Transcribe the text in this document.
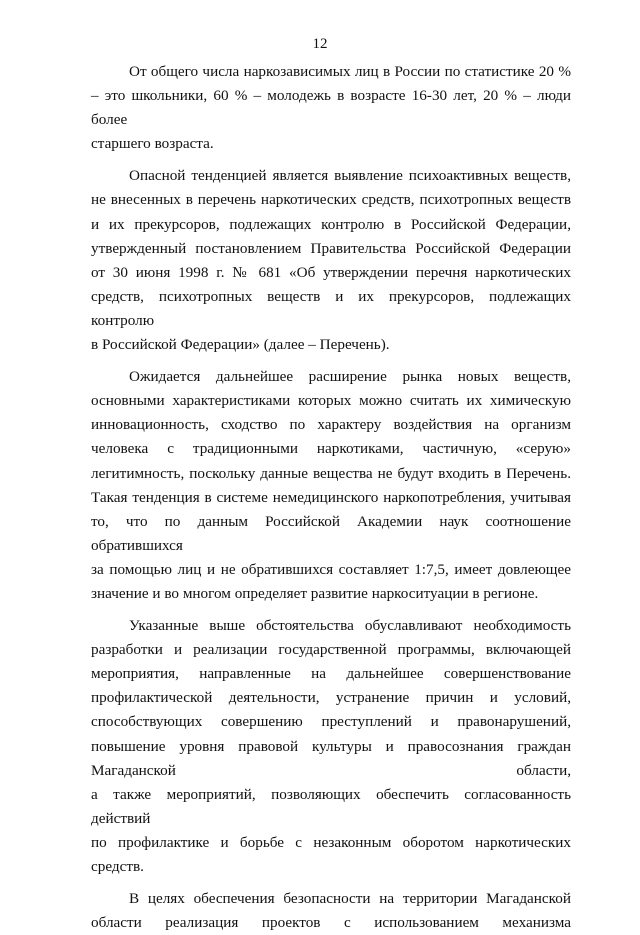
12

От общего числа наркозависимых лиц в России по статистике 20 %
– это школьники, 60 % – молодежь в возрасте 16-30 лет, 20 % – люди более
старшего возраста.

Опасной тенденцией является выявление психоактивных веществ,
не внесенных в перечень наркотических средств, психотропных веществ
и их прекурсоров, подлежащих контролю в Российской Федерации,
утвержденный постановлением Правительства Российской Федерации
от 30 июня 1998 г. № 681 «Об утверждении перечня наркотических
средств, психотропных веществ и их прекурсоров, подлежащих контролю
в Российской Федерации» (далее – Перечень).

Ожидается дальнейшее расширение рынка новых веществ,
основными характеристиками которых можно считать их химическую
инновационность, сходство по характеру воздействия на организм
человека с традиционными наркотиками, частичную, «серую»
легитимность, поскольку данные вещества не будут входить в Перечень.
Такая тенденция в системе немедицинского наркопотребления, учитывая
то, что по данным Российской Академии наук соотношение обратившихся
за помощью лиц и не обратившихся составляет 1:7,5, имеет довлеющее
значение и во многом определяет развитие наркоситуации в регионе.

Указанные выше обстоятельства обуславливают необходимость
разработки и реализации государственной программы, включающей
мероприятия, направленные на дальнейшее совершенствование
профилактической деятельности, устранение причин и условий,
способствующих совершению преступлений и правонарушений,
повышение уровня правовой культуры и правосознания граждан
Магаданской области,
а также мероприятий, позволяющих обеспечить согласованность действий
по профилактике и борьбе с незаконным оборотом наркотических средств.

В целях обеспечения безопасности на территории Магаданской
области реализация проектов с использованием механизма
